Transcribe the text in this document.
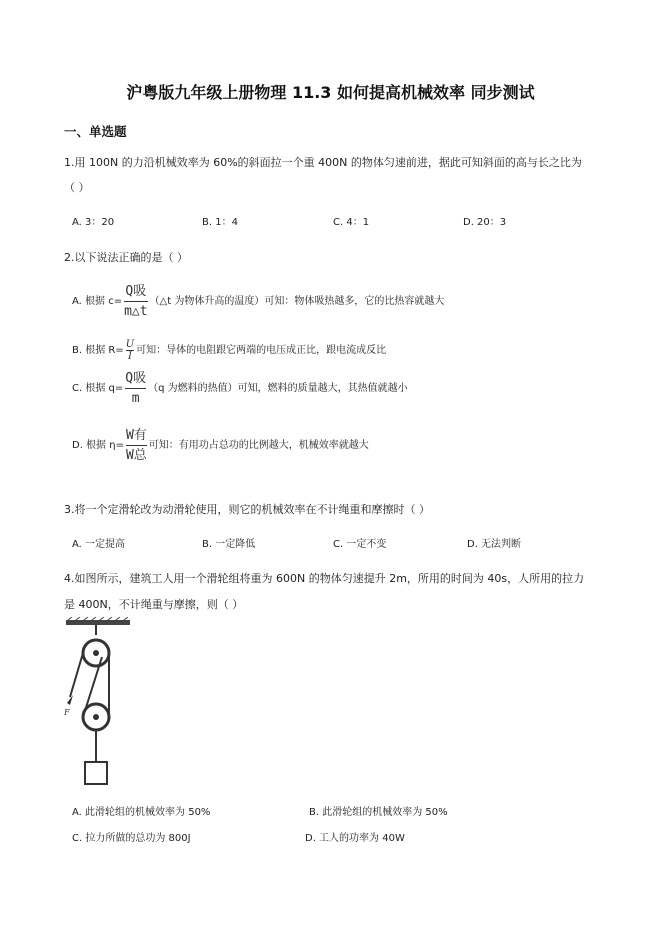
沪粤版九年级上册物理 11.3 如何提高机械效率 同步测试
一、单选题
1.用 100N 的力沿机械效率为 60%的斜面拉一个重 400N 的物体匀速前进，据此可知斜面的高与长之比为
（ ）
A. 3：20	B. 1：4	C. 4：1	D. 20：3
2.以下说法正确的是（ ）
A. 根据 $c= \frac{\text{Q吸}}{m\triangle t}$ （△t 为物体升高的温度）可知：物体吸热越多，它的比热容就越大
B. 根据 $R= \frac{U}{I}$ 可知：导体的电阻跟它两端的电压成正比，跟电流成反比
C. 根据 $q= \frac{\text{Q吸}}{m} (q$ 为燃料的热值）可知，燃料的质量越大，其热值就越小
D. 根据 $\eta= \frac{\text{W有}}{\text{W总}}$ 可知：有用功占总功的比例越大，机械效率就越大
3.将一个定滑轮改为动滑轮使用，则它的机械效率在不计绳重和摩擦时（ ）
A. 一定提高	B. 一定降低	C. 一定不变	D. 无法判断
4.如图所示，建筑工人用一个滑轮组将重为 600N 的物体匀速提升 2m，所用的时间为 40s，人所用的拉力
是 400N，不计绳重与摩擦，则（ ）
F
A. 此滑轮组的机械效率为 50%	B. 此滑轮组的机械效率为 50%
C. 拉力所做的总功为 800J	D. 工人的功率为 40W
